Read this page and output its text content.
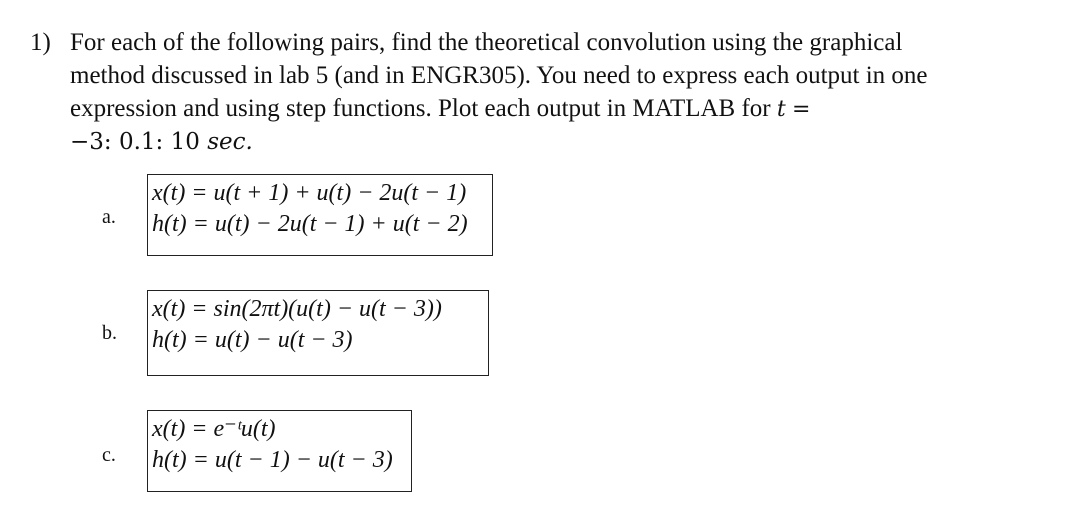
1) For each of the following pairs, find the theoretical convolution using the graphical
method discussed in lab 5 (and in ENGR305). You need to express each output in one
expression and using step functions. Plot each output in MATLAB for t =
−3: 0.1: 10 sec.
a.
x(t) = u(t + 1) + u(t) − 2u(t − 1)
h(t) = u(t) − 2u(t − 1) + u(t − 2)
b.
x(t) = sin(2πt)(u(t) − u(t − 3))
h(t) = u(t) − u(t − 3)
c.
x(t) = e⁻ᵗu(t)
h(t) = u(t − 1) − u(t − 3)
